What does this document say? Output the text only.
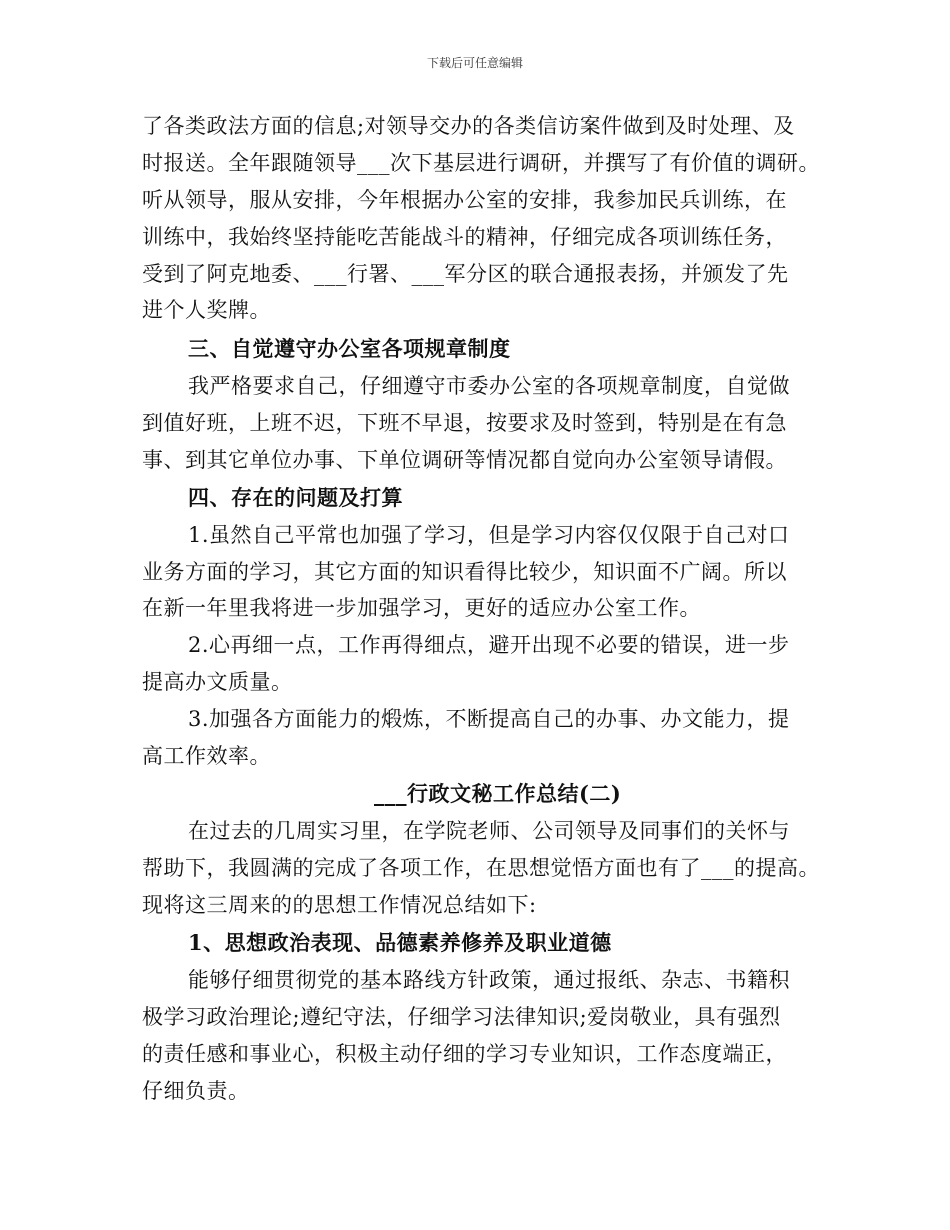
下载后可任意编辑
了各类政法方面的信息;对领导交办的各类信访案件做到及时处理、及
时报送。全年跟随领导___次下基层进行调研，并撰写了有价值的调研。
听从领导，服从安排，今年根据办公室的安排，我参加民兵训练，在
训练中，我始终坚持能吃苦能战斗的精神，仔细完成各项训练任务，
受到了阿克地委、___行署、___军分区的联合通报表扬，并颁发了先
进个人奖牌。
三、自觉遵守办公室各项规章制度
我严格要求自己，仔细遵守市委办公室的各项规章制度，自觉做
到值好班，上班不迟，下班不早退，按要求及时签到，特别是在有急
事、到其它单位办事、下单位调研等情况都自觉向办公室领导请假。
四、存在的问题及打算
1.虽然自己平常也加强了学习，但是学习内容仅仅限于自己对口
业务方面的学习，其它方面的知识看得比较少，知识面不广阔。所以
在新一年里我将进一步加强学习，更好的适应办公室工作。
2.心再细一点，工作再得细点，避开出现不必要的错误，进一步
提高办文质量。
3.加强各方面能力的煅炼，不断提高自己的办事、办文能力，提
高工作效率。
___行政文秘工作总结(二)
在过去的几周实习里，在学院老师、公司领导及同事们的关怀与
帮助下，我圆满的完成了各项工作，在思想觉悟方面也有了___的提高。
现将这三周来的的思想工作情况总结如下:
1、思想政治表现、品德素养修养及职业道德
能够仔细贯彻党的基本路线方针政策，通过报纸、杂志、书籍积
极学习政治理论;遵纪守法，仔细学习法律知识;爱岗敬业，具有强烈
的责任感和事业心，积极主动仔细的学习专业知识，工作态度端正，
仔细负责。
